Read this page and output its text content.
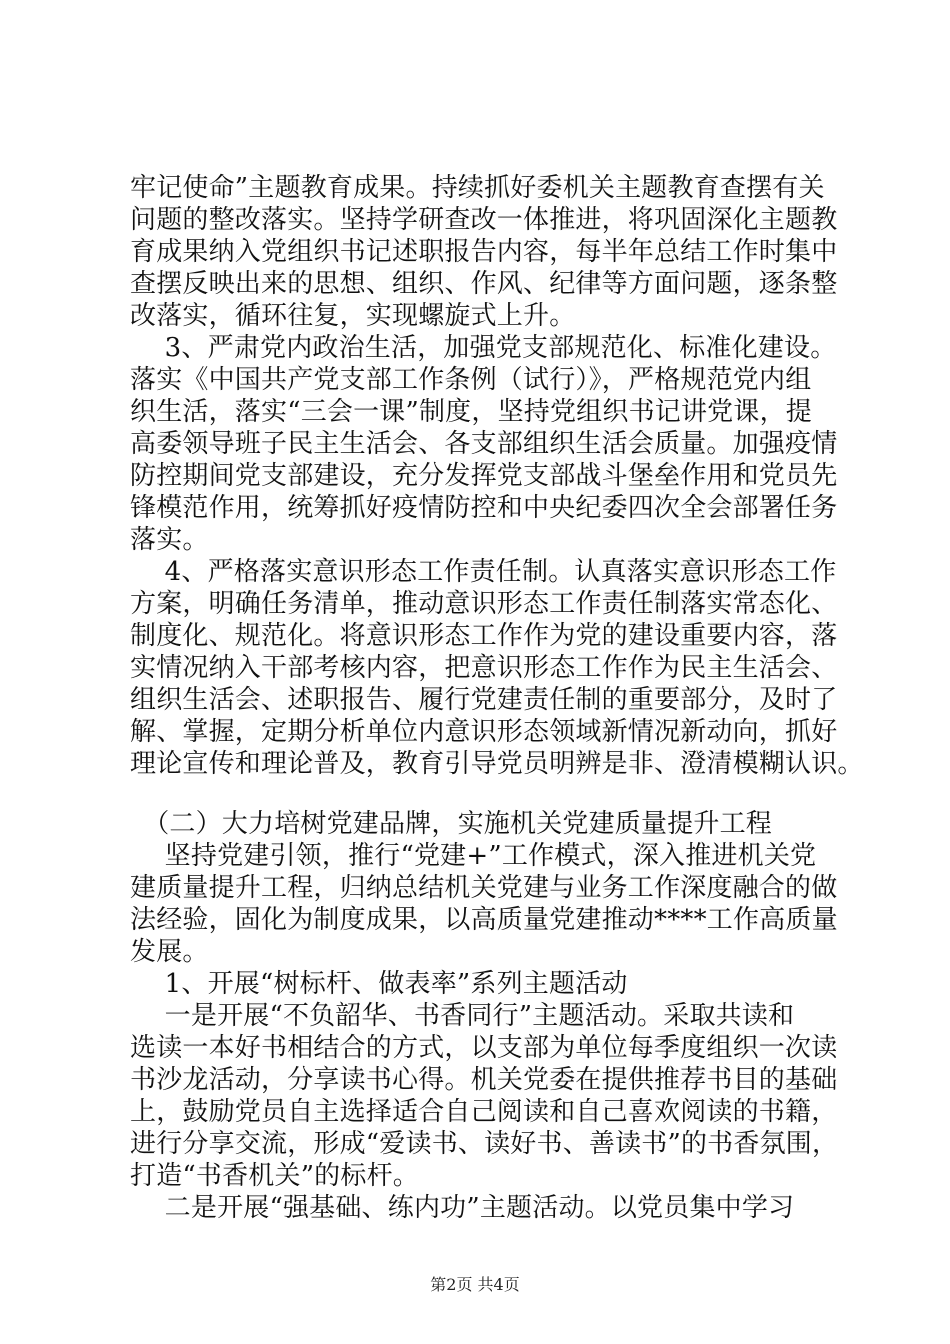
牢记使命”主题教育成果。持续抓好委机关主题教育查摆有关
问题的整改落实。坚持学研查改一体推进，将巩固深化主题教
育成果纳入党组织书记述职报告内容，每半年总结工作时集中
查摆反映出来的思想、组织、作风、纪律等方面问题，逐条整
改落实，循环往复，实现螺旋式上升。
　 3、严肃党内政治生活，加强党支部规范化、标准化建设。
落实《中国共产党支部工作条例（试行）》，严格规范党内组
织生活，落实“三会一课”制度，坚持党组织书记讲党课，提
高委领导班子民主生活会、各支部组织生活会质量。加强疫情
防控期间党支部建设，充分发挥党支部战斗堡垒作用和党员先
锋模范作用，统筹抓好疫情防控和中央纪委四次全会部署任务
落实。
　 4、严格落实意识形态工作责任制。认真落实意识形态工作
方案，明确任务清单，推动意识形态工作责任制落实常态化、
制度化、规范化。将意识形态工作作为党的建设重要内容，落
实情况纳入干部考核内容，把意识形态工作作为民主生活会、
组织生活会、述职报告、履行党建责任制的重要部分，及时了
解、掌握，定期分析单位内意识形态领域新情况新动向，抓好
理论宣传和理论普及，教育引导党员明辨是非、澄清模糊认识。
　（二）大力培树党建品牌，实施机关党建质量提升工程
　 坚持党建引领，推行“党建+”工作模式，深入推进机关党
建质量提升工程，归纳总结机关党建与业务工作深度融合的做
法经验，固化为制度成果，以高质量党建推动****工作高质量
发展。
　 1、开展“树标杆、做表率”系列主题活动
　 一是开展“不负韶华、书香同行”主题活动。采取共读和
选读一本好书相结合的方式，以支部为单位每季度组织一次读
书沙龙活动，分享读书心得。机关党委在提供推荐书目的基础
上，鼓励党员自主选择适合自己阅读和自己喜欢阅读的书籍，
进行分享交流，形成“爱读书、读好书、善读书”的书香氛围，
打造“书香机关”的标杆。
　 二是开展“强基础、练内功”主题活动。以党员集中学习
第2页 共4页
